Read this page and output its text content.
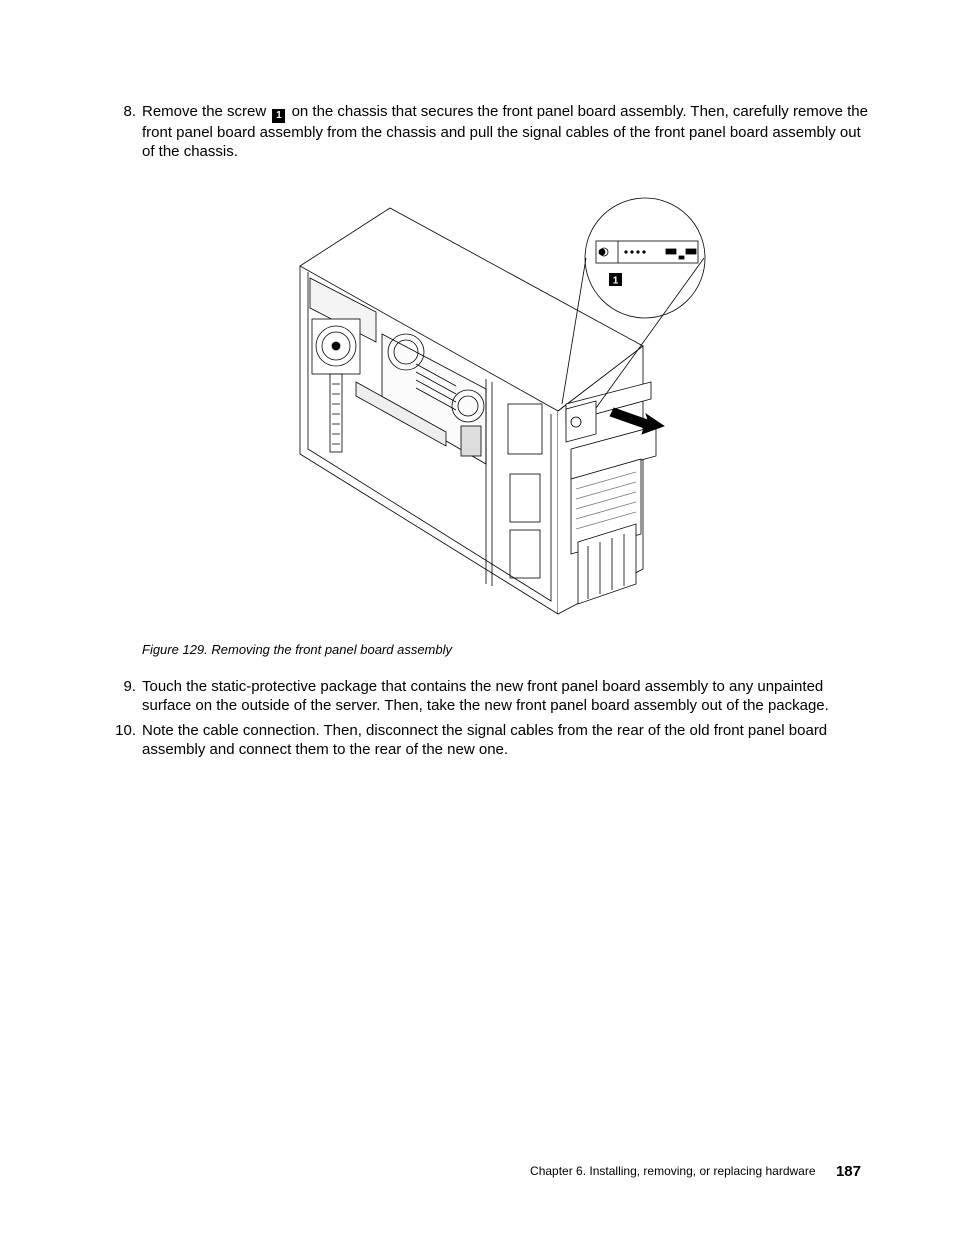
8. Remove the screw 1 on the chassis that secures the front panel board assembly. Then, carefully remove the front panel board assembly from the chassis and pull the signal cables of the front panel board assembly out of the chassis.
1
Figure 129. Removing the front panel board assembly
9. Touch the static-protective package that contains the new front panel board assembly to any unpainted surface on the outside of the server. Then, take the new front panel board assembly out of the package.
10. Note the cable connection. Then, disconnect the signal cables from the rear of the old front panel board assembly and connect them to the rear of the new one.
Chapter 6. Installing, removing, or replacing hardware 187
